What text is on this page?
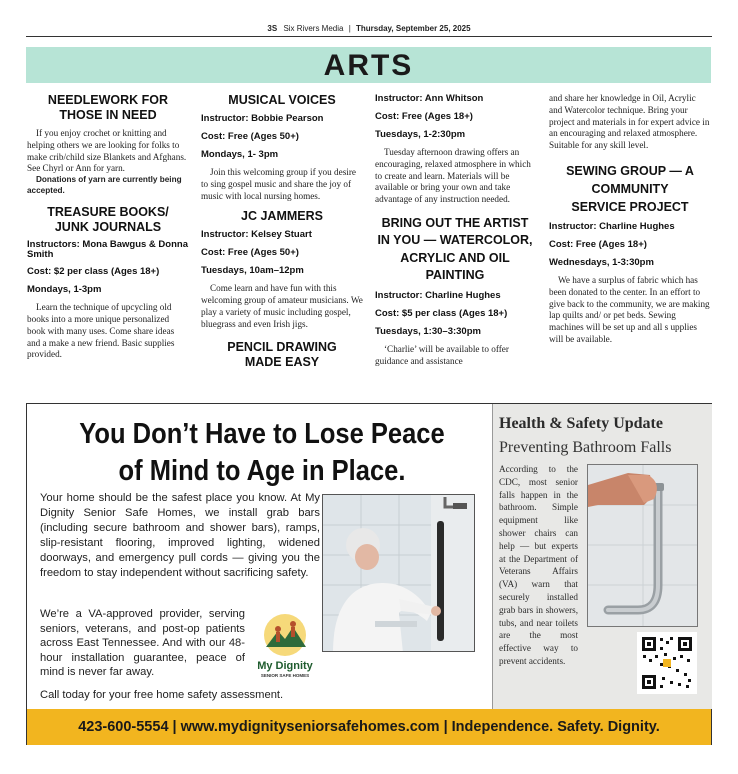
3S Six Rivers Media | Thursday, September 25, 2025
ARTS
NEEDLEWORK FOR THOSE IN NEED

If you enjoy crochet or knitting and helping others we are looking for folks to make crib/child size Blankets and Afghans. See Chyrl or Ann for yarn.

Donations of yarn are currently being accepted.
TREASURE BOOKS/ JUNK JOURNALS
Instructors: Mona Bawgus & Donna Smith
Cost: $2 per class (Ages 18+)
Mondays, 1-3pm

Learn the technique of upcycling old books into a more unique personalized book with many uses. Come share ideas and a make a new friend. Basic supplies provided.

MUSICAL VOICES
Instructor: Bobbie Pearson
Cost: Free (Ages 50+)
Mondays, 1- 3pm

Join this welcoming group if you desire to sing gospel music and share the joy of music with local nursing homes.

JC JAMMERS
Instructor: Kelsey Stuart
Cost: Free (Ages 50+)
Tuesdays, 10am–12pm

Come learn and have fun with this welcoming group of amateur musicians. We play a variety of music including gospel, bluegrass and even Irish jigs.

PENCIL DRAWING MADE EASY
Instructor: Ann Whitson
Cost: Free (Ages 18+)
Tuesdays, 1-2:30pm

Tuesday afternoon drawing offers an encouraging, relaxed atmosphere in which to create and learn. Materials will be available or bring your own and take advantage of any instruction needed.

BRING OUT THE ARTIST IN YOU — WATERCOLOR, ACRYLIC AND OIL PAINTING
Instructor: Charline Hughes
Cost: $5 per class (Ages 18+)
Tuesdays, 1:30–3:30pm

‘Charlie’ will be available to offer guidance and assistance

and share her knowledge in Oil, Acrylic and Watercolor technique. Bring your project and materials in for expert advice in an encouraging and relaxed atmosphere. Suitable for any skill level.

SEWING GROUP — A COMMUNITY SERVICE PROJECT
Instructor: Charline Hughes
Cost: Free (Ages 18+)
Wednesdays, 1-3:30pm

We have a surplus of fabric which has been donated to the center. In an effort to give back to the community, we are making lap quilts and/ or pet beds. Sewing machines will be set up and all s upplies will be available.

You Don’t Have to Lose Peace of Mind to Age in Place.
Your home should be the safest place you know. At My Dignity Senior Safe Homes, we install grab bars (including secure bathroom and shower bars), ramps, slip-resistant flooring, improved lighting, widened doorways, and emergency pull cords — giving you the freedom to stay independent without sacrificing safety.
We’re a VA-approved provider, serving seniors, veterans, and post-op patients across East Tennessee. And with our 48-hour installation guarantee, peace of mind is never far away.
Call today for your free home safety assessment.
My Dignity
SENIOR SAFE HOMES
Health & Safety Update
Preventing Bathroom Falls
According to the CDC, most senior falls happen in the bathroom. Simple equipment like shower chairs can help — but experts at the Department of Veterans Affairs (VA) warn that securely installed grab bars in showers, tubs, and near toilets are the most effective way to prevent accidents.
423-600-5554 | www.mydignityseniorsafehomes.com | Independence. Safety. Dignity.
